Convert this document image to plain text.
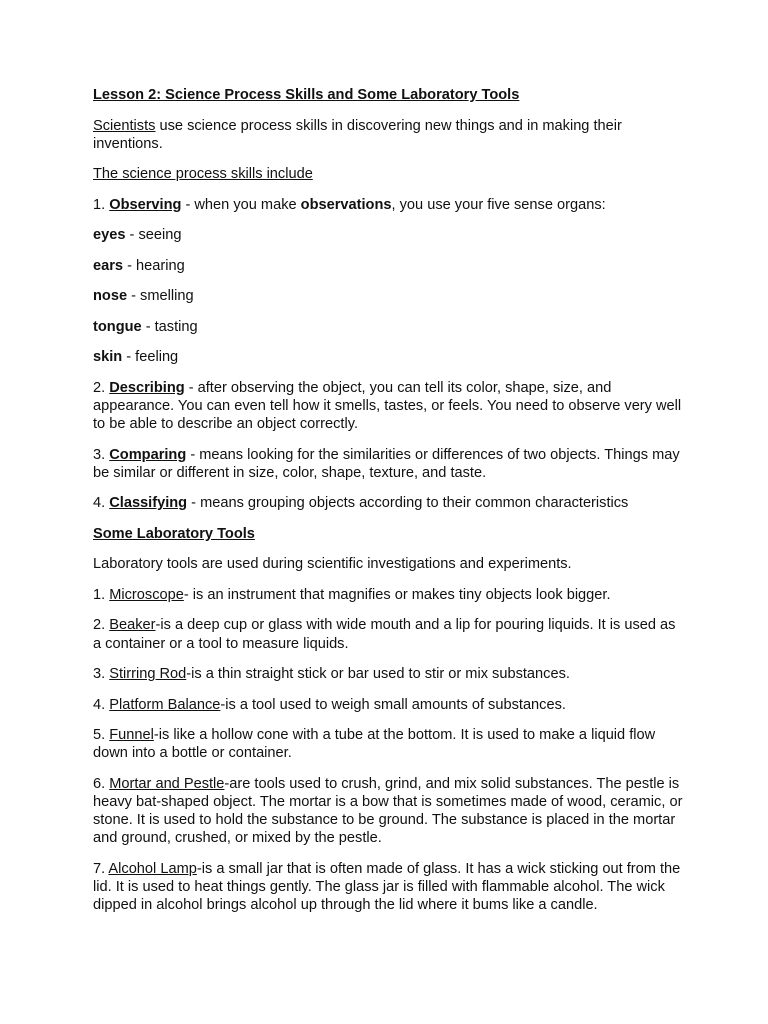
Lesson 2: Science Process Skills and Some Laboratory Tools

Scientists use science process skills in discovering new things and in making their inventions.

The science process skills include

1. Observing - when you make observations, you use your five sense organs:

eyes - seeing

ears - hearing

nose - smelling

tongue - tasting

skin - feeling

2. Describing - after observing the object, you can tell its color, shape, size, and appearance. You can even tell how it smells, tastes, or feels. You need to observe very well to be able to describe an object correctly.

3. Comparing - means looking for the similarities or differences of two objects. Things may be similar or different in size, color, shape, texture, and taste.

4. Classifying - means grouping objects according to their common characteristics

Some Laboratory Tools

Laboratory tools are used during scientific investigations and experiments.

1. Microscope- is an instrument that magnifies or makes tiny objects look bigger.

2. Beaker-is a deep cup or glass with wide mouth and a lip for pouring liquids. It is used as a container or a tool to measure liquids.

3. Stirring Rod-is a thin straight stick or bar used to stir or mix substances.

4. Platform Balance-is a tool used to weigh small amounts of substances.

5. Funnel-is like a hollow cone with a tube at the bottom. It is used to make a liquid flow down into a bottle or container.

6. Mortar and Pestle-are tools used to crush, grind, and mix solid substances. The pestle is heavy bat-shaped object. The mortar is a bow that is sometimes made of wood, ceramic, or stone. It is used to hold the substance to be ground. The substance is placed in the mortar and ground, crushed, or mixed by the pestle.

7. Alcohol Lamp-is a small jar that is often made of glass. It has a wick sticking out from the lid. It is used to heat things gently. The glass jar is filled with flammable alcohol. The wick dipped in alcohol brings alcohol up through the lid where it bums like a candle.
